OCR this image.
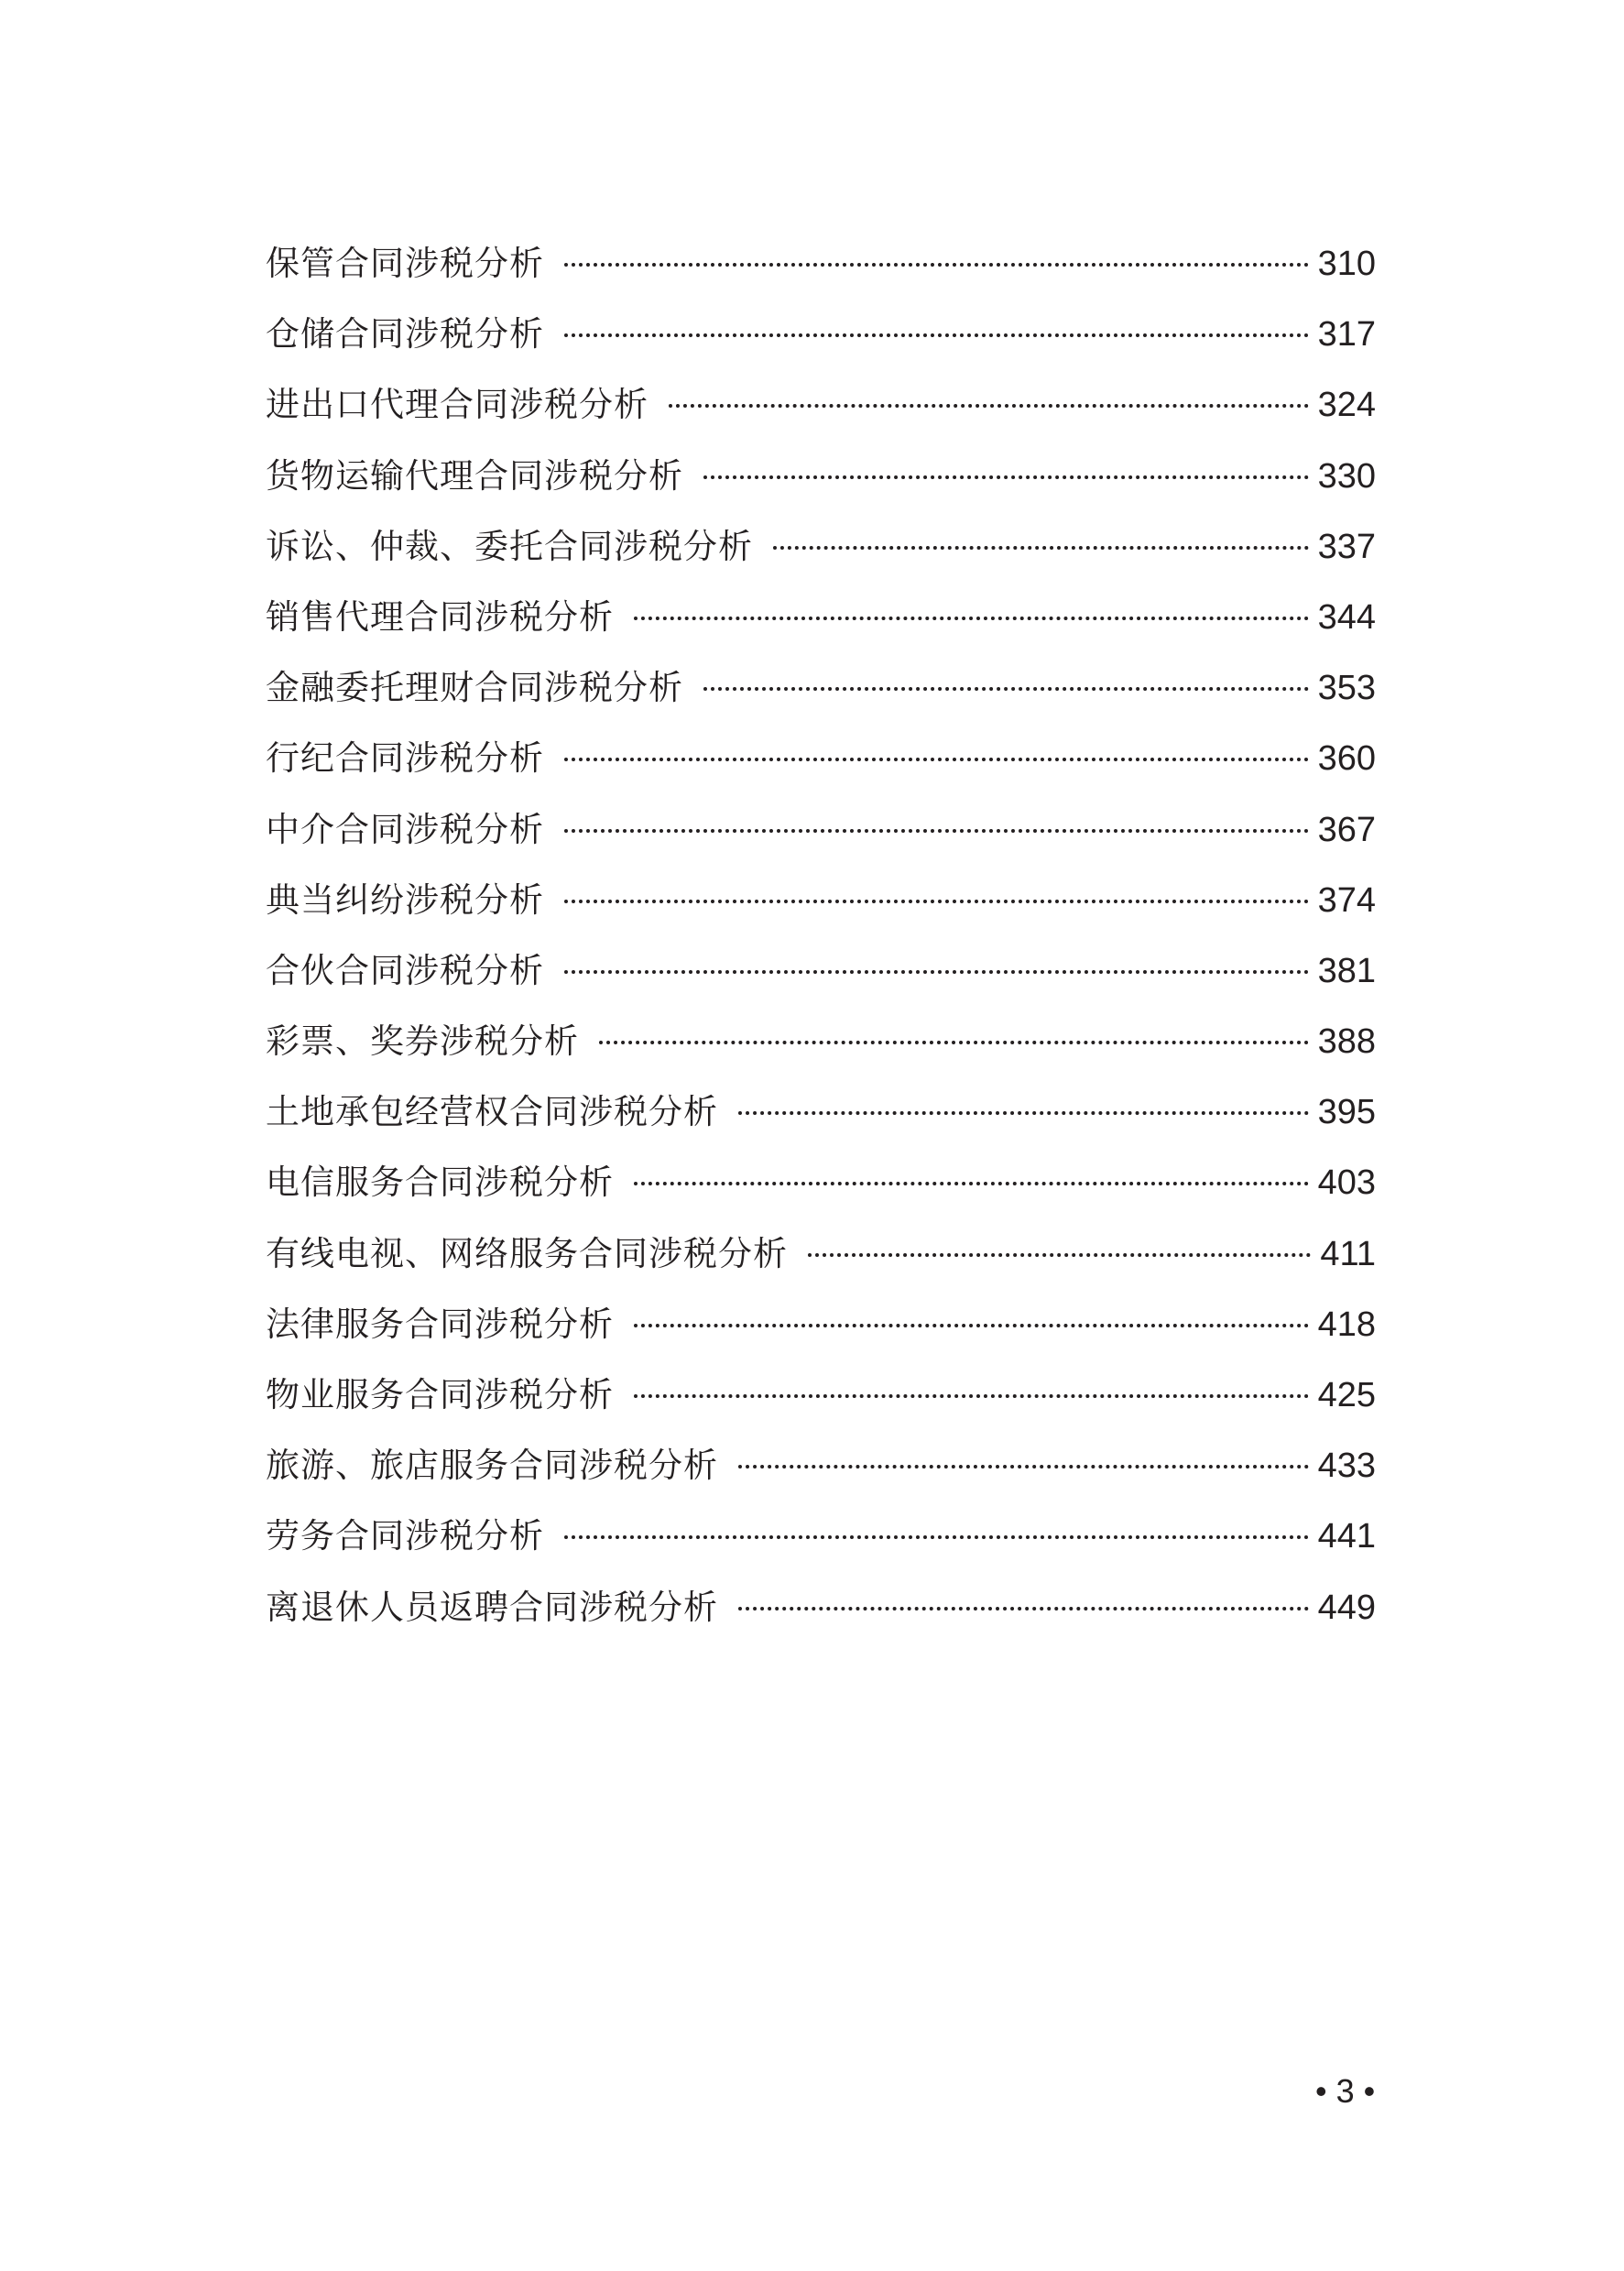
保管合同涉税分析	310
仓储合同涉税分析	317
进出口代理合同涉税分析	324
货物运输代理合同涉税分析	330
诉讼、仲裁、委托合同涉税分析	337
销售代理合同涉税分析	344
金融委托理财合同涉税分析	353
行纪合同涉税分析	360
中介合同涉税分析	367
典当纠纷涉税分析	374
合伙合同涉税分析	381
彩票、奖券涉税分析	388
土地承包经营权合同涉税分析	395
电信服务合同涉税分析	403
有线电视、网络服务合同涉税分析	411
法律服务合同涉税分析	418
物业服务合同涉税分析	425
旅游、旅店服务合同涉税分析	433
劳务合同涉税分析	441
离退休人员返聘合同涉税分析	449
• 3 •
